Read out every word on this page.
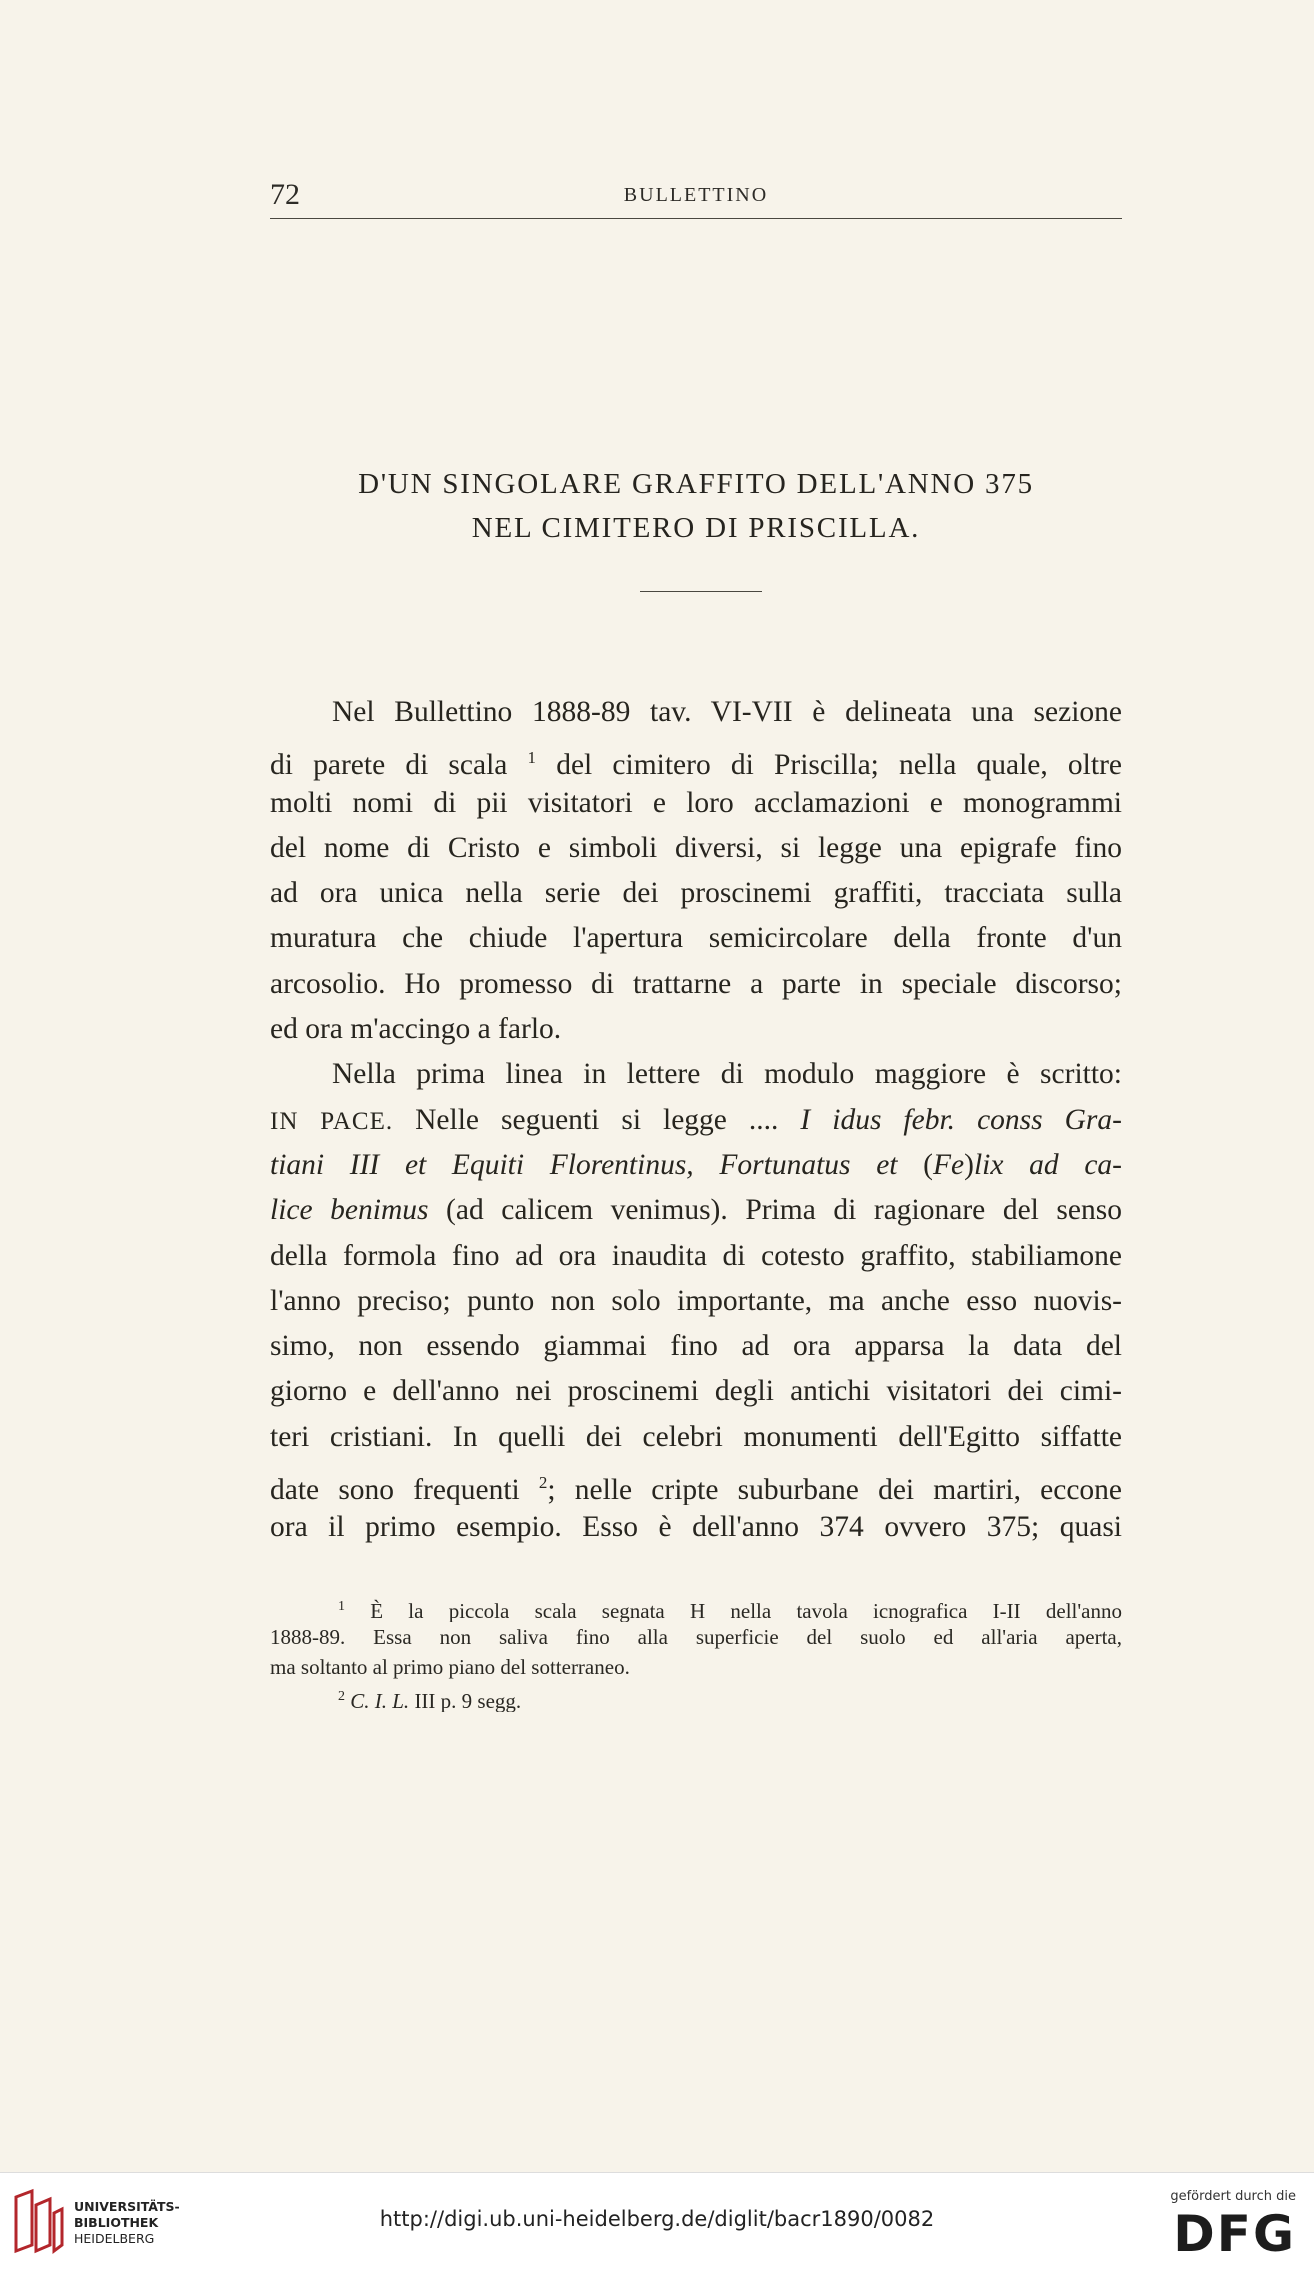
72	BULLETTINO
D'UN SINGOLARE GRAFFITO DELL'ANNO 375
NEL CIMITERO DI PRISCILLA.
Nel Bullettino 1888-89 tav. VI-VII è delineata una sezione
di parete di scala $^1$ del cimitero di Priscilla; nella quale, oltre
molti nomi di pii visitatori e loro acclamazioni e monogrammi
del nome di Cristo e simboli diversi, si legge una epigrafe fino
ad ora unica nella serie dei proscinemi graffiti, tracciata sulla
muratura che chiude l'apertura semicircolare della fronte d'un
arcosolio. Ho promesso di trattarne a parte in speciale discorso;
ed ora m'accingo a farlo.
Nella prima linea in lettere di modulo maggiore è scritto:
IN PACE. Nelle seguenti si legge .... I idus febr. conss Gra-
tiani III et Equiti Florentinus, Fortunatus et (Fe)lix ad ca-
lice benimus (ad calicem venimus). Prima di ragionare del senso
della formola fino ad ora inaudita di cotesto graffito, stabiliamone
l'anno preciso; punto non solo importante, ma anche esso nuovis-
simo, non essendo giammai fino ad ora apparsa la data del
giorno e dell'anno nei proscinemi degli antichi visitatori dei cimi-
teri cristiani. In quelli dei celebri monumenti dell'Egitto siffatte
date sono frequenti $^2$; nelle cripte suburbane dei martiri, eccone
ora il primo esempio. Esso è dell'anno 374 ovvero 375; quasi
$^1$ È la piccola scala segnata H nella tavola icnografica I-II dell'anno
1888-89. Essa non saliva fino alla superficie del suolo ed all'aria aperta,
ma soltanto al primo piano del sotterraneo.
$^2$ C. I. L. III p. 9 segg.
UNIVERSITÄTS-
BIBLIOTHEK
HEIDELBERG
http://digi.ub.uni-heidelberg.de/diglit/bacr1890/0082
gefördert durch die
DFG
